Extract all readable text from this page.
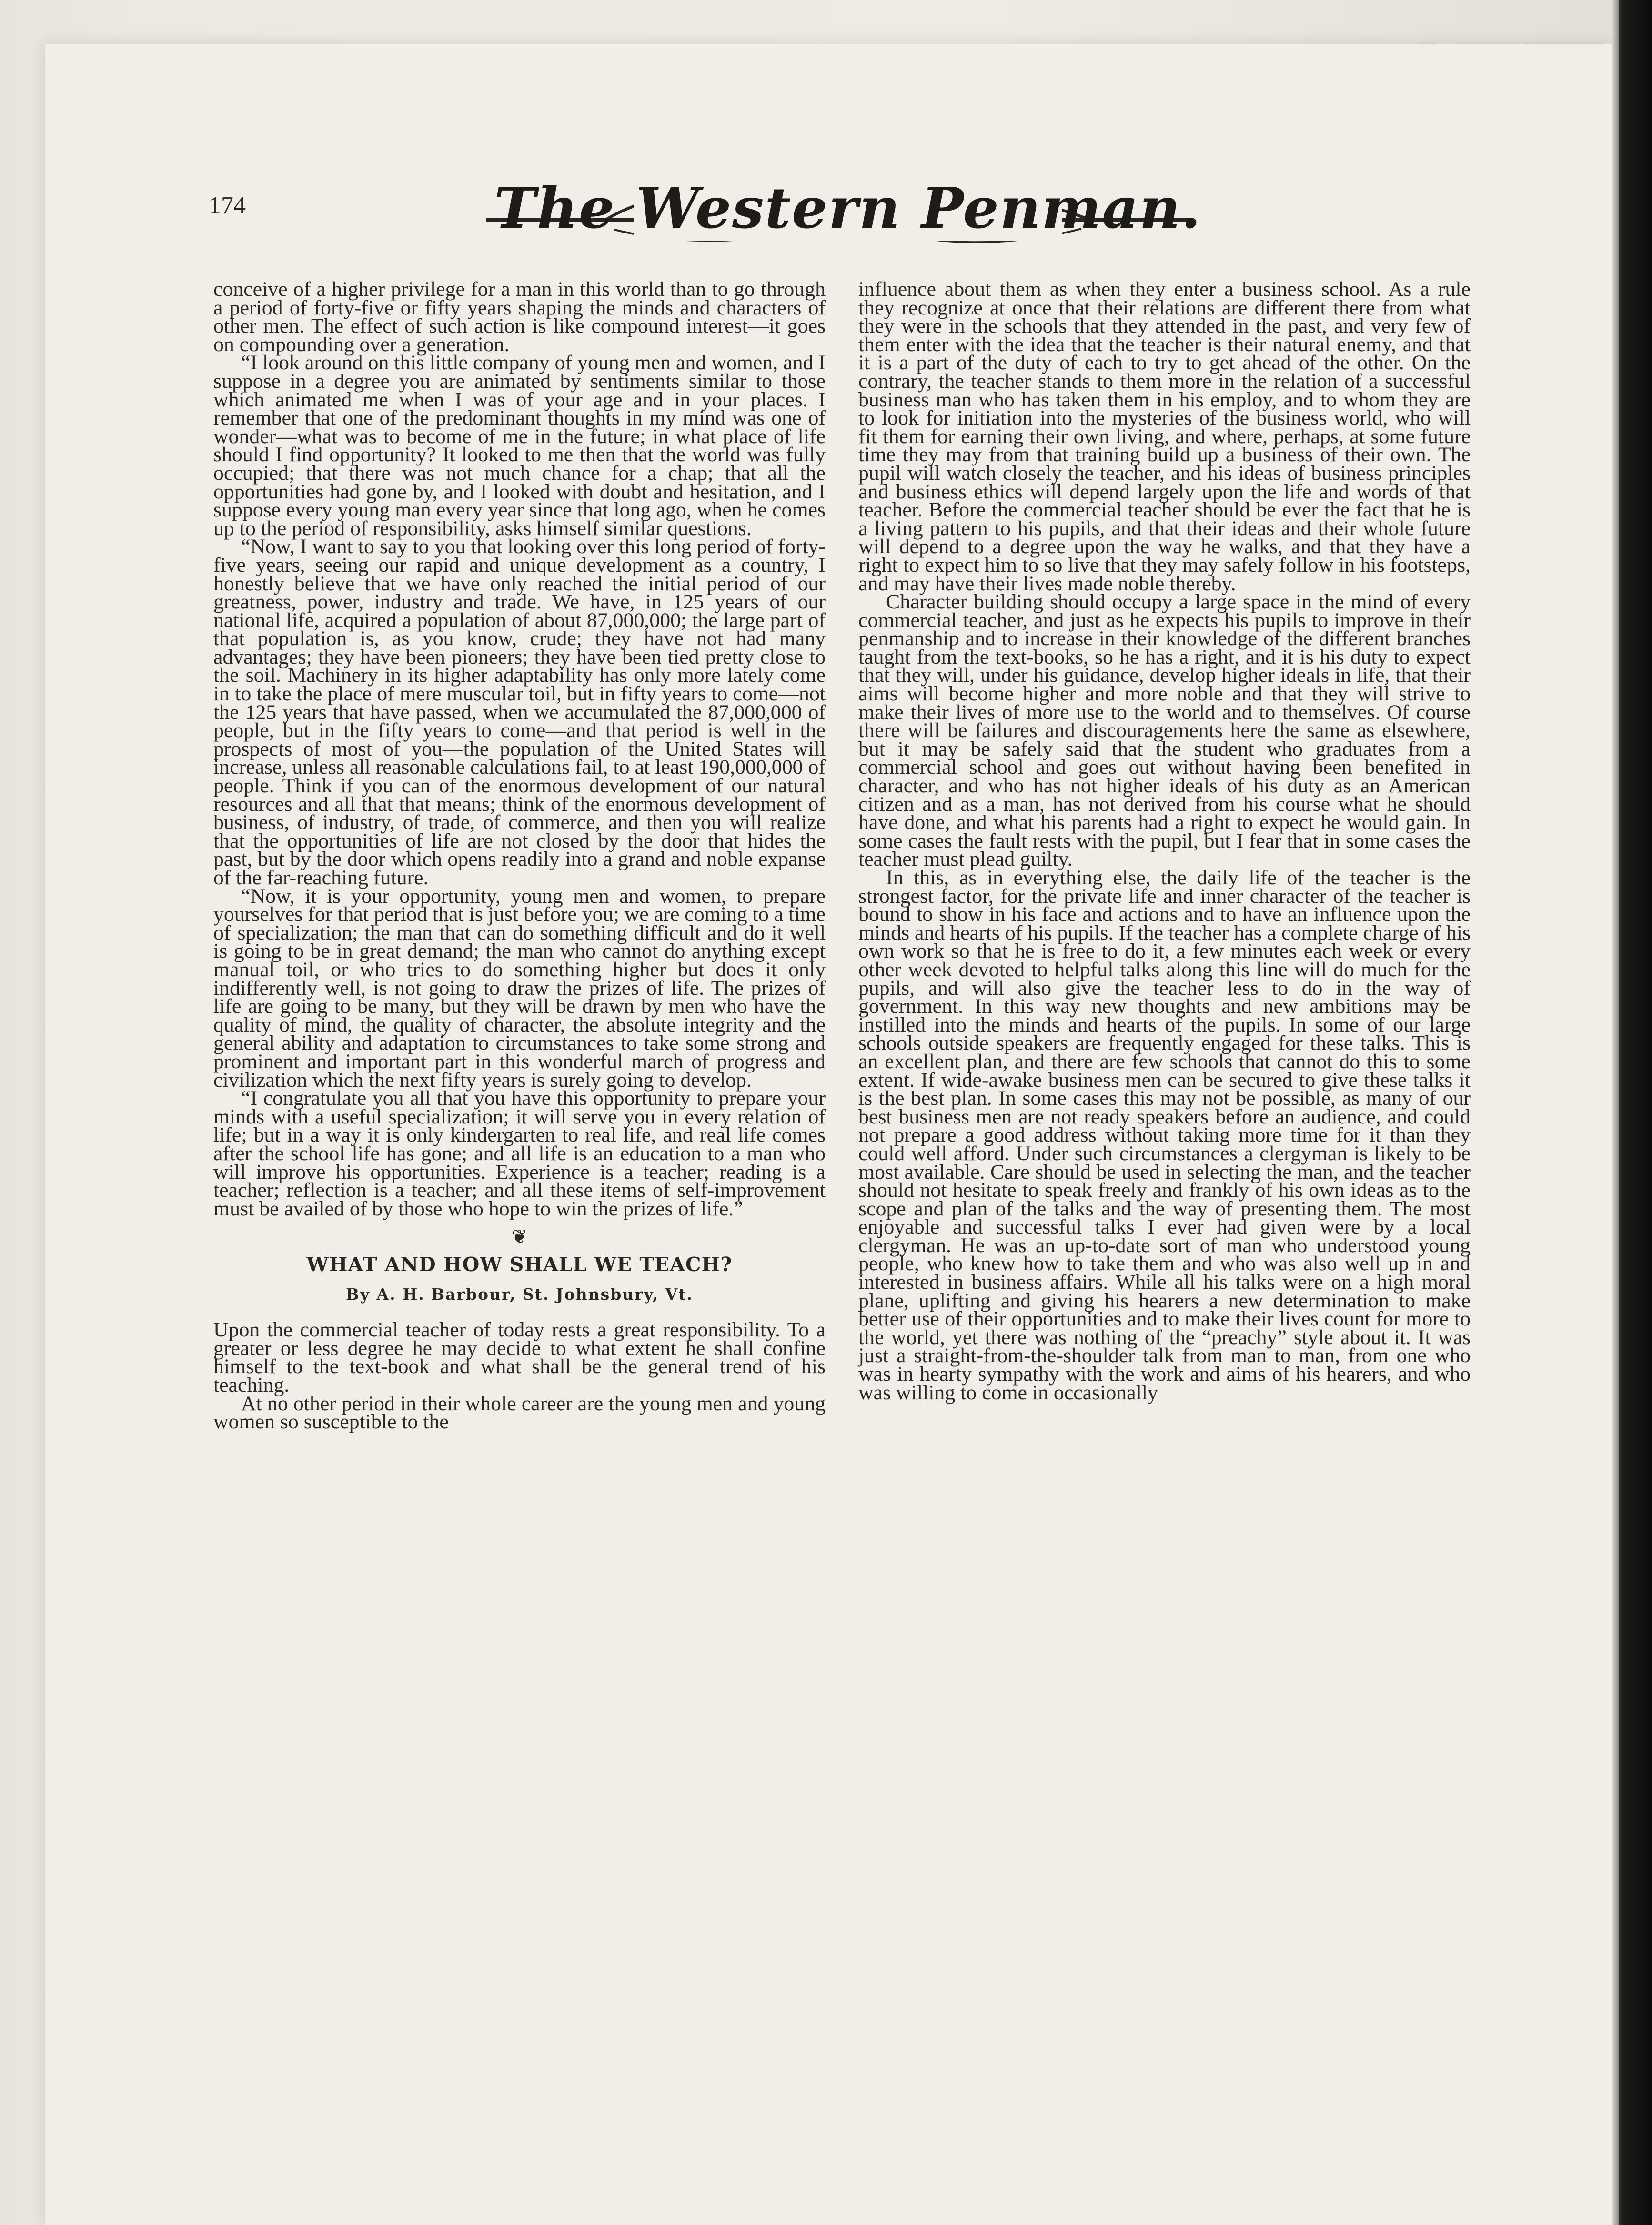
174	The Western Penman.

conceive of a higher privilege for a man in this world than to go through a period of forty-five or fifty years shaping the minds and characters of other men. The effect of such action is like compound interest—it goes on compounding over a generation.

“I look around on this little company of young men and women, and I suppose in a degree you are animated by sentiments similar to those which animated me when I was of your age and in your places. I remember that one of the predominant thoughts in my mind was one of wonder—what was to become of me in the future; in what place of life should I find opportunity? It looked to me then that the world was fully occupied; that there was not much chance for a chap; that all the opportunities had gone by, and I looked with doubt and hesitation, and I suppose every young man every year since that long ago, when he comes up to the period of responsibility, asks himself similar questions.

“Now, I want to say to you that looking over this long period of forty-five years, seeing our rapid and unique development as a country, I honestly believe that we have only reached the initial period of our greatness, power, industry and trade. We have, in 125 years of our national life, acquired a population of about 87,000,000; the large part of that population is, as you know, crude; they have not had many advantages; they have been pioneers; they have been tied pretty close to the soil. Machinery in its higher adaptability has only more lately come in to take the place of mere muscular toil, but in fifty years to come—not the 125 years that have passed, when we accumulated the 87,000,000 of people, but in the fifty years to come—and that period is well in the prospects of most of you—the population of the United States will increase, unless all reasonable calculations fail, to at least 190,000,000 of people. Think if you can of the enormous development of our natural resources and all that that means; think of the enormous development of business, of industry, of trade, of commerce, and then you will realize that the opportunities of life are not closed by the door that hides the past, but by the door which opens readily into a grand and noble expanse of the far-reaching future.

“Now, it is your opportunity, young men and women, to prepare yourselves for that period that is just before you; we are coming to a time of specialization; the man that can do something difficult and do it well is going to be in great demand; the man who cannot do anything except manual toil, or who tries to do something higher but does it only indifferently well, is not going to draw the prizes of life. The prizes of life are going to be many, but they will be drawn by men who have the quality of mind, the quality of character, the absolute integrity and the general ability and adaptation to circumstances to take some strong and prominent and important part in this wonderful march of progress and civilization which the next fifty years is surely going to develop.

“I congratulate you all that you have this opportunity to prepare your minds with a useful specialization; it will serve you in every relation of life; but in a way it is only kindergarten to real life, and real life comes after the school life has gone; and all life is an education to a man who will improve his opportunities. Experience is a teacher; reading is a teacher; reflection is a teacher; and all these items of self-improvement must be availed of by those who hope to win the prizes of life.”

❦
WHAT AND HOW SHALL WE TEACH?
By A. H. Barbour, St. Johnsbury, Vt.

Upon the commercial teacher of today rests a great responsibility. To a greater or less degree he may decide to what extent he shall confine himself to the text-book and what shall be the general trend of his teaching.

At no other period in their whole career are the young men and young women so susceptible to the

influence about them as when they enter a business school. As a rule they recognize at once that their relations are different there from what they were in the schools that they attended in the past, and very few of them enter with the idea that the teacher is their natural enemy, and that it is a part of the duty of each to try to get ahead of the other. On the contrary, the teacher stands to them more in the relation of a successful business man who has taken them in his employ, and to whom they are to look for initiation into the mysteries of the business world, who will fit them for earning their own living, and where, perhaps, at some future time they may from that training build up a business of their own. The pupil will watch closely the teacher, and his ideas of business principles and business ethics will depend largely upon the life and words of that teacher. Before the commercial teacher should be ever the fact that he is a living pattern to his pupils, and that their ideas and their whole future will depend to a degree upon the way he walks, and that they have a right to expect him to so live that they may safely follow in his footsteps, and may have their lives made noble thereby.

Character building should occupy a large space in the mind of every commercial teacher, and just as he expects his pupils to improve in their penmanship and to increase in their knowledge of the different branches taught from the text-books, so he has a right, and it is his duty to expect that they will, under his guidance, develop higher ideals in life, that their aims will become higher and more noble and that they will strive to make their lives of more use to the world and to themselves. Of course there will be failures and discouragements here the same as elsewhere, but it may be safely said that the student who graduates from a commercial school and goes out without having been benefited in character, and who has not higher ideals of his duty as an American citizen and as a man, has not derived from his course what he should have done, and what his parents had a right to expect he would gain. In some cases the fault rests with the pupil, but I fear that in some cases the teacher must plead guilty.

In this, as in everything else, the daily life of the teacher is the strongest factor, for the private life and inner character of the teacher is bound to show in his face and actions and to have an influence upon the minds and hearts of his pupils. If the teacher has a complete charge of his own work so that he is free to do it, a few minutes each week or every other week devoted to helpful talks along this line will do much for the pupils, and will also give the teacher less to do in the way of government. In this way new thoughts and new ambitions may be instilled into the minds and hearts of the pupils. In some of our large schools outside speakers are frequently engaged for these talks. This is an excellent plan, and there are few schools that cannot do this to some extent. If wide-awake business men can be secured to give these talks it is the best plan. In some cases this may not be possible, as many of our best business men are not ready speakers before an audience, and could not prepare a good address without taking more time for it than they could well afford. Under such circumstances a clergyman is likely to be most available. Care should be used in selecting the man, and the teacher should not hesitate to speak freely and frankly of his own ideas as to the scope and plan of the talks and the way of presenting them. The most enjoyable and successful talks I ever had given were by a local clergyman. He was an up-to-date sort of man who understood young people, who knew how to take them and who was also well up in and interested in business affairs. While all his talks were on a high moral plane, uplifting and giving his hearers a new determination to make better use of their opportunities and to make their lives count for more to the world, yet there was nothing of the “preachy” style about it. It was just a straight-from-the-shoulder talk from man to man, from one who was in hearty sympathy with the work and aims of his hearers, and who was willing to come in occasionally
